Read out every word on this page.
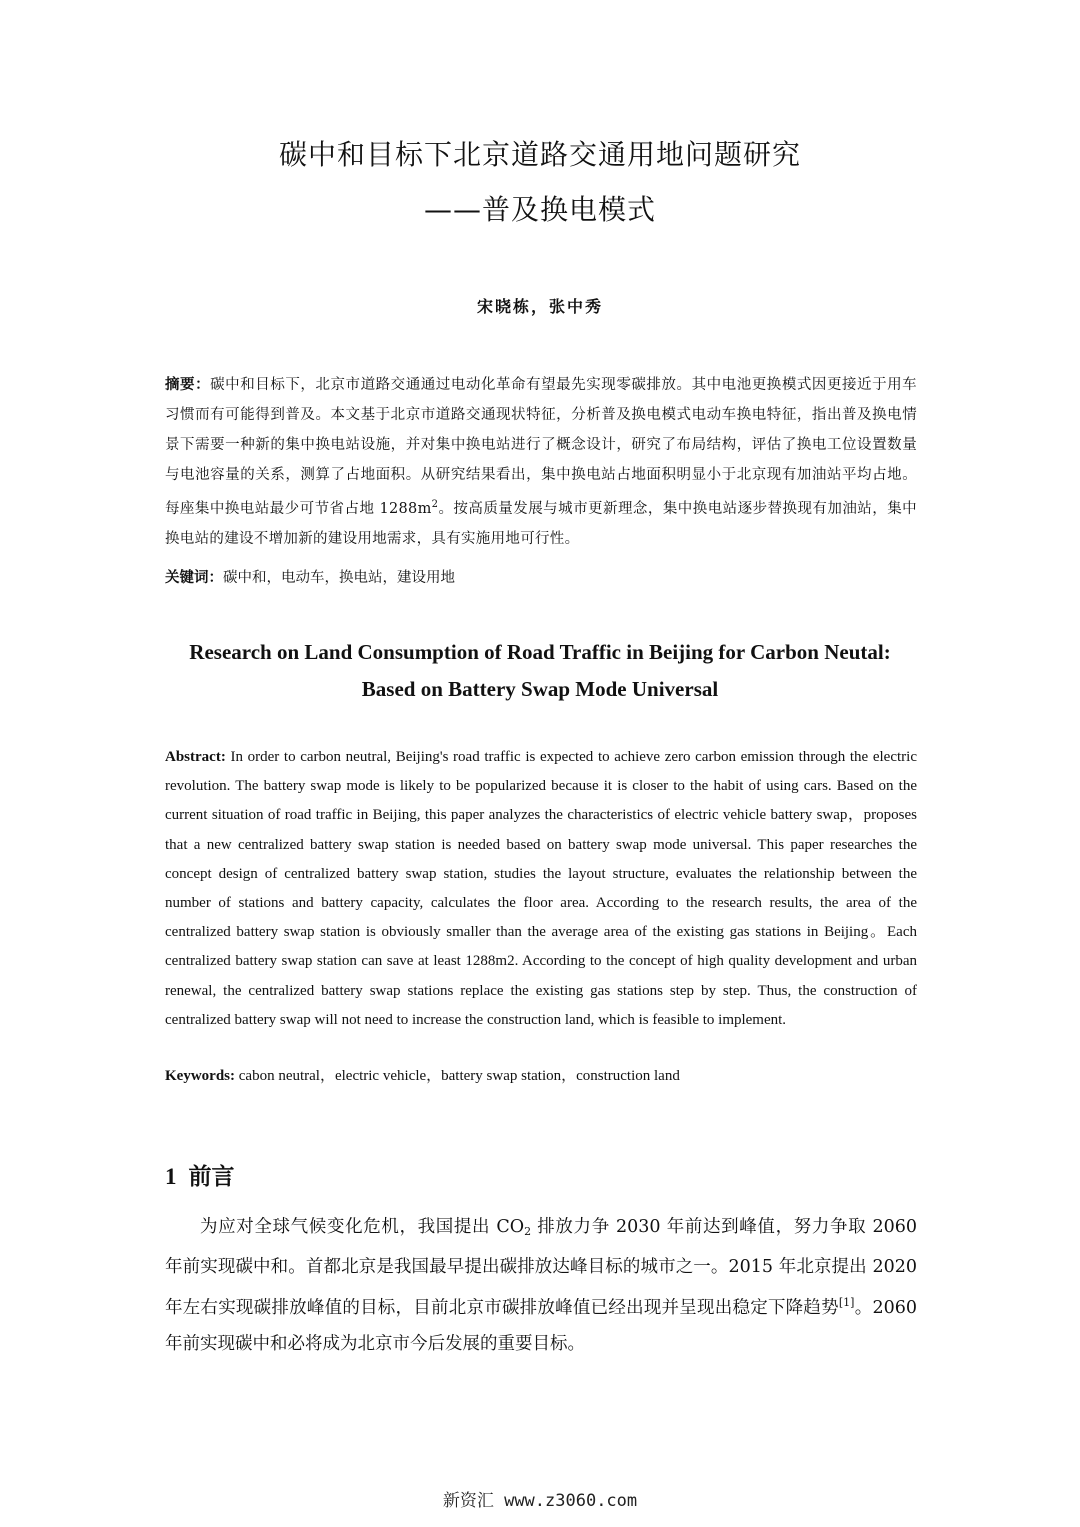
碳中和目标下北京道路交通用地问题研究
——普及换电模式
宋晓栋，张中秀
摘要：碳中和目标下，北京市道路交通通过电动化革命有望最先实现零碳排放。其中电池更换模式因更接近于用车习惯而有可能得到普及。本文基于北京市道路交通现状特征，分析普及换电模式电动车换电特征，指出普及换电情景下需要一种新的集中换电站设施，并对集中换电站进行了概念设计，研究了布局结构，评估了换电工位设置数量与电池容量的关系，测算了占地面积。从研究结果看出，集中换电站占地面积明显小于北京现有加油站平均占地。每座集中换电站最少可节省占地 $1288m^2$。按高质量发展与城市更新理念，集中换电站逐步替换现有加油站，集中换电站的建设不增加新的建设用地需求，具有实施用地可行性。
关键词：碳中和，电动车，换电站，建设用地
Research on Land Consumption of Road Traffic in Beijing for Carbon Neutal:
Based on Battery Swap Mode Universal
Abstract: In order to carbon neutral, Beijing's road traffic is expected to achieve zero carbon emission through the electric revolution. The battery swap mode is likely to be popularized because it is closer to the habit of using cars. Based on the current situation of road traffic in Beijing, this paper analyzes the characteristics of electric vehicle battery swap，proposes that a new centralized battery swap station is needed based on battery swap mode universal. This paper researches the concept design of centralized battery swap station, studies the layout structure, evaluates the relationship between the number of stations and battery capacity, calculates the floor area. According to the research results, the area of the centralized battery swap station is obviously smaller than the average area of the existing gas stations in Beijing。Each centralized battery swap station can save at least 1288m2. According to the concept of high quality development and urban renewal, the centralized battery swap stations replace the existing gas stations step by step. Thus, the construction of centralized battery swap will not need to increase the construction land, which is feasible to implement.
Keywords: cabon neutral，electric vehicle，battery swap station，construction land
1 前言
为应对全球气候变化危机，我国提出 $CO_2$ 排放力争 2030 年前达到峰值，努力争取 2060 年前实现碳中和。首都北京是我国最早提出碳排放达峰目标的城市之一。2015 年北京提出 2020 年左右实现碳排放峰值的目标，目前北京市碳排放峰值已经出现并呈现出稳定下降趋势[1]。2060 年前实现碳中和必将成为北京市今后发展的重要目标。
新资汇 www.z3060.com
